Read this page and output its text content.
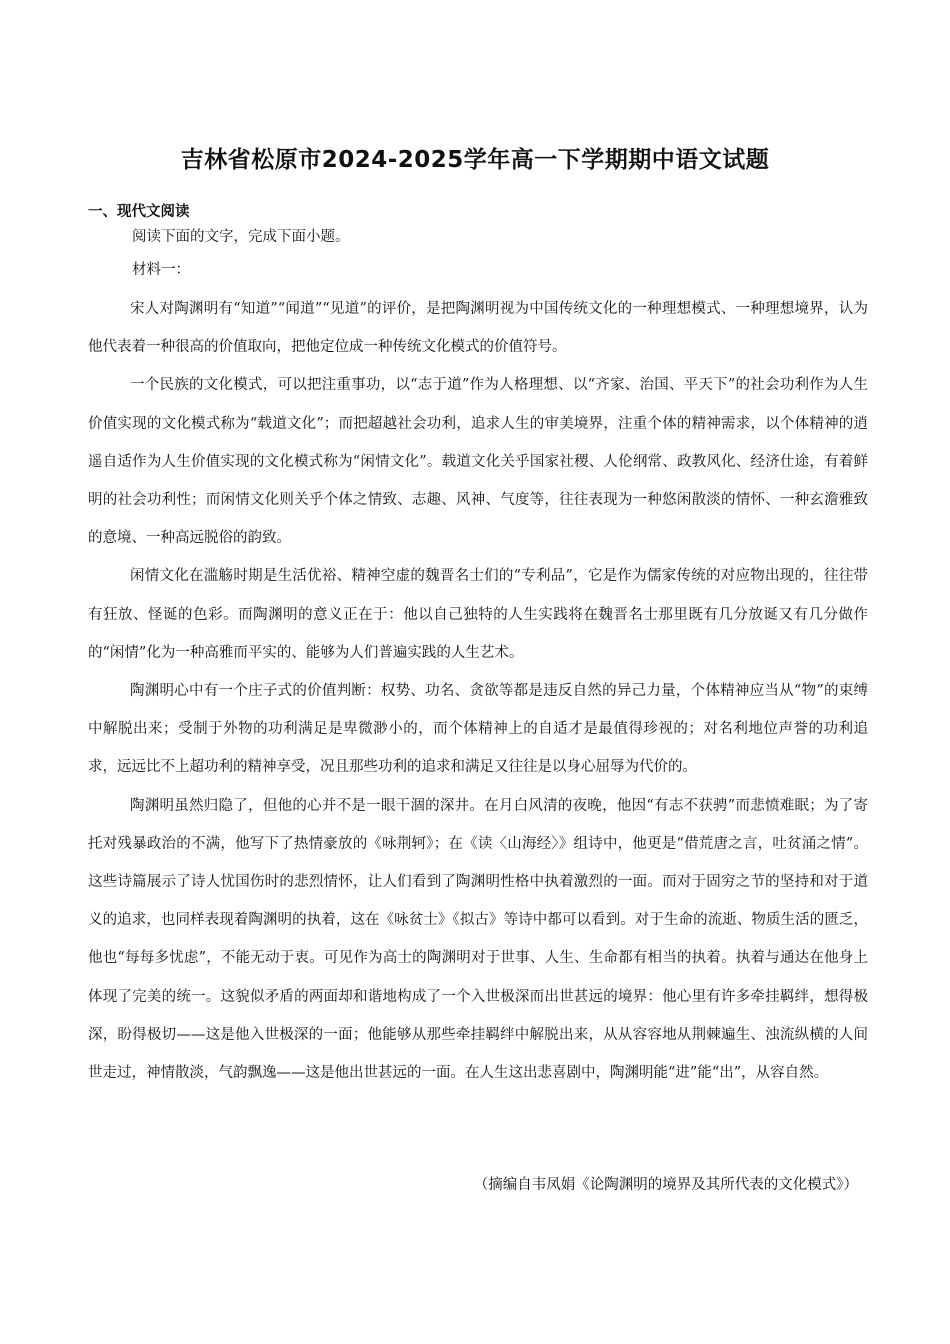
吉林省松原市2024-2025学年高一下学期期中语文试题
一、现代文阅读
阅读下面的文字，完成下面小题。
材料一：

宋人对陶渊明有“知道”“闻道”“见道”的评价，是把陶渊明视为中国传统文化的一种理想模式、一种理想境界，认为他代表着一种很高的价值取向，把他定位成一种传统文化模式的价值符号。

一个民族的文化模式，可以把注重事功，以“志于道”作为人格理想、以“齐家、治国、平天下”的社会功利作为人生价值实现的文化模式称为“载道文化”；而把超越社会功利，追求人生的审美境界，注重个体的精神需求，以个体精神的逍遥自适作为人生价值实现的文化模式称为“闲情文化”。载道文化关乎国家社稷、人伦纲常、政教风化、经济仕途，有着鲜明的社会功利性；而闲情文化则关乎个体之情致、志趣、风神、气度等，往往表现为一种悠闲散淡的情怀、一种玄澹雅致的意境、一种高远脱俗的韵致。

闲情文化在滥觞时期是生活优裕、精神空虚的魏晋名士们的“专利品”，它是作为儒家传统的对应物出现的，往往带有狂放、怪诞的色彩。而陶渊明的意义正在于：他以自己独特的人生实践将在魏晋名士那里既有几分放诞又有几分做作的“闲情”化为一种高雅而平实的、能够为人们普遍实践的人生艺术。

陶渊明心中有一个庄子式的价值判断：权势、功名、贪欲等都是违反自然的异己力量，个体精神应当从“物”的束缚中解脱出来；受制于外物的功利满足是卑微渺小的，而个体精神上的自适才是最值得珍视的；对名利地位声誉的功利追求，远远比不上超功利的精神享受，况且那些功利的追求和满足又往往是以身心屈辱为代价的。

陶渊明虽然归隐了，但他的心并不是一眼干涸的深井。在月白风清的夜晚，他因“有志不获骋”而悲愤难眠；为了寄托对残暴政治的不满，他写下了热情豪放的《咏荆轲》；在《读〈山海经〉》组诗中，他更是“借荒唐之言，吐贫涌之情”。这些诗篇展示了诗人忧国伤时的悲烈情怀，让人们看到了陶渊明性格中执着激烈的一面。而对于固穷之节的坚持和对于道义的追求，也同样表现着陶渊明的执着，这在《咏贫士》《拟古》等诗中都可以看到。对于生命的流逝、物质生活的匮乏，他也“每每多忧虑”，不能无动于衷。可见作为高士的陶渊明对于世事、人生、生命都有相当的执着。执着与通达在他身上体现了完美的统一。这貌似矛盾的两面却和谐地构成了一个入世极深而出世甚远的境界：他心里有许多牵挂羁绊，想得极深，盼得极切——这是他入世极深的一面；他能够从那些牵挂羁绊中解脱出来，从从容容地从荆棘遍生、浊流纵横的人间世走过，神情散淡，气韵飘逸——这是他出世甚远的一面。在人生这出悲喜剧中，陶渊明能“进”能“出”，从容自然。

（摘编自韦凤娟《论陶渊明的境界及其所代表的文化模式》）
